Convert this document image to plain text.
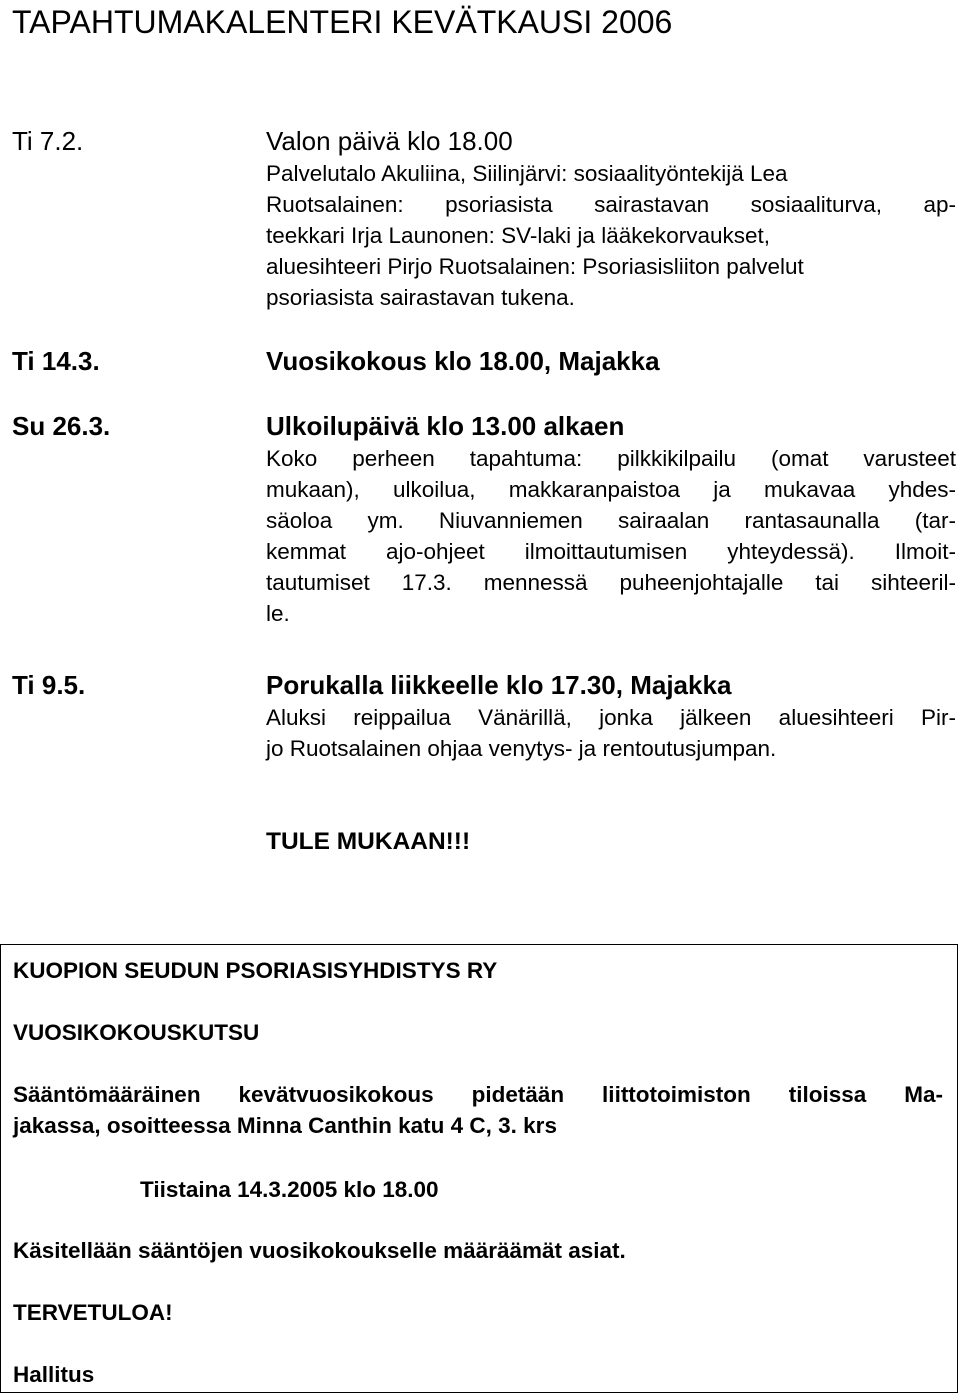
TAPAHTUMAKALENTERI KEVÄTKAUSI 2006
Ti 7.2.	Valon päivä klo 18.00
Palvelutalo Akuliina, Siilinjärvi: sosiaalityöntekijä Lea
Ruotsalainen: psoriasista sairastavan sosiaaliturva, ap-
teekkari Irja Launonen: SV-laki ja lääkekorvaukset,
aluesihteeri Pirjo Ruotsalainen: Psoriasisliiton palvelut
psoriasista sairastavan tukena.
Ti 14.3.	Vuosikokous klo 18.00, Majakka
Su 26.3.	Ulkoilupäivä klo 13.00 alkaen
Koko perheen tapahtuma: pilkkikilpailu (omat varusteet
mukaan), ulkoilua, makkaranpaistoa ja mukavaa yhdes-
säoloa ym. Niuvanniemen sairaalan rantasaunalla (tar-
kemmat ajo-ohjeet ilmoittautumisen yhteydessä). Ilmoit-
tautumiset 17.3. mennessä puheenjohtajalle tai sihteeril-
le.
Ti 9.5.	Porukalla liikkeelle klo 17.30, Majakka
Aluksi reippailua Vänärillä, jonka jälkeen aluesihteeri Pir-
jo Ruotsalainen ohjaa venytys- ja rentoutusjumpan.
TULE MUKAAN!!!
KUOPION SEUDUN PSORIASISYHDISTYS RY
VUOSIKOKOUSKUTSU
Sääntömääräinen kevätvuosikokous pidetään liittotoimiston tiloissa Ma-
jakassa, osoitteessa Minna Canthin katu 4 C, 3. krs
Tiistaina 14.3.2005 klo 18.00
Käsitellään sääntöjen vuosikokoukselle määräämät asiat.
TERVETULOA!
Hallitus
